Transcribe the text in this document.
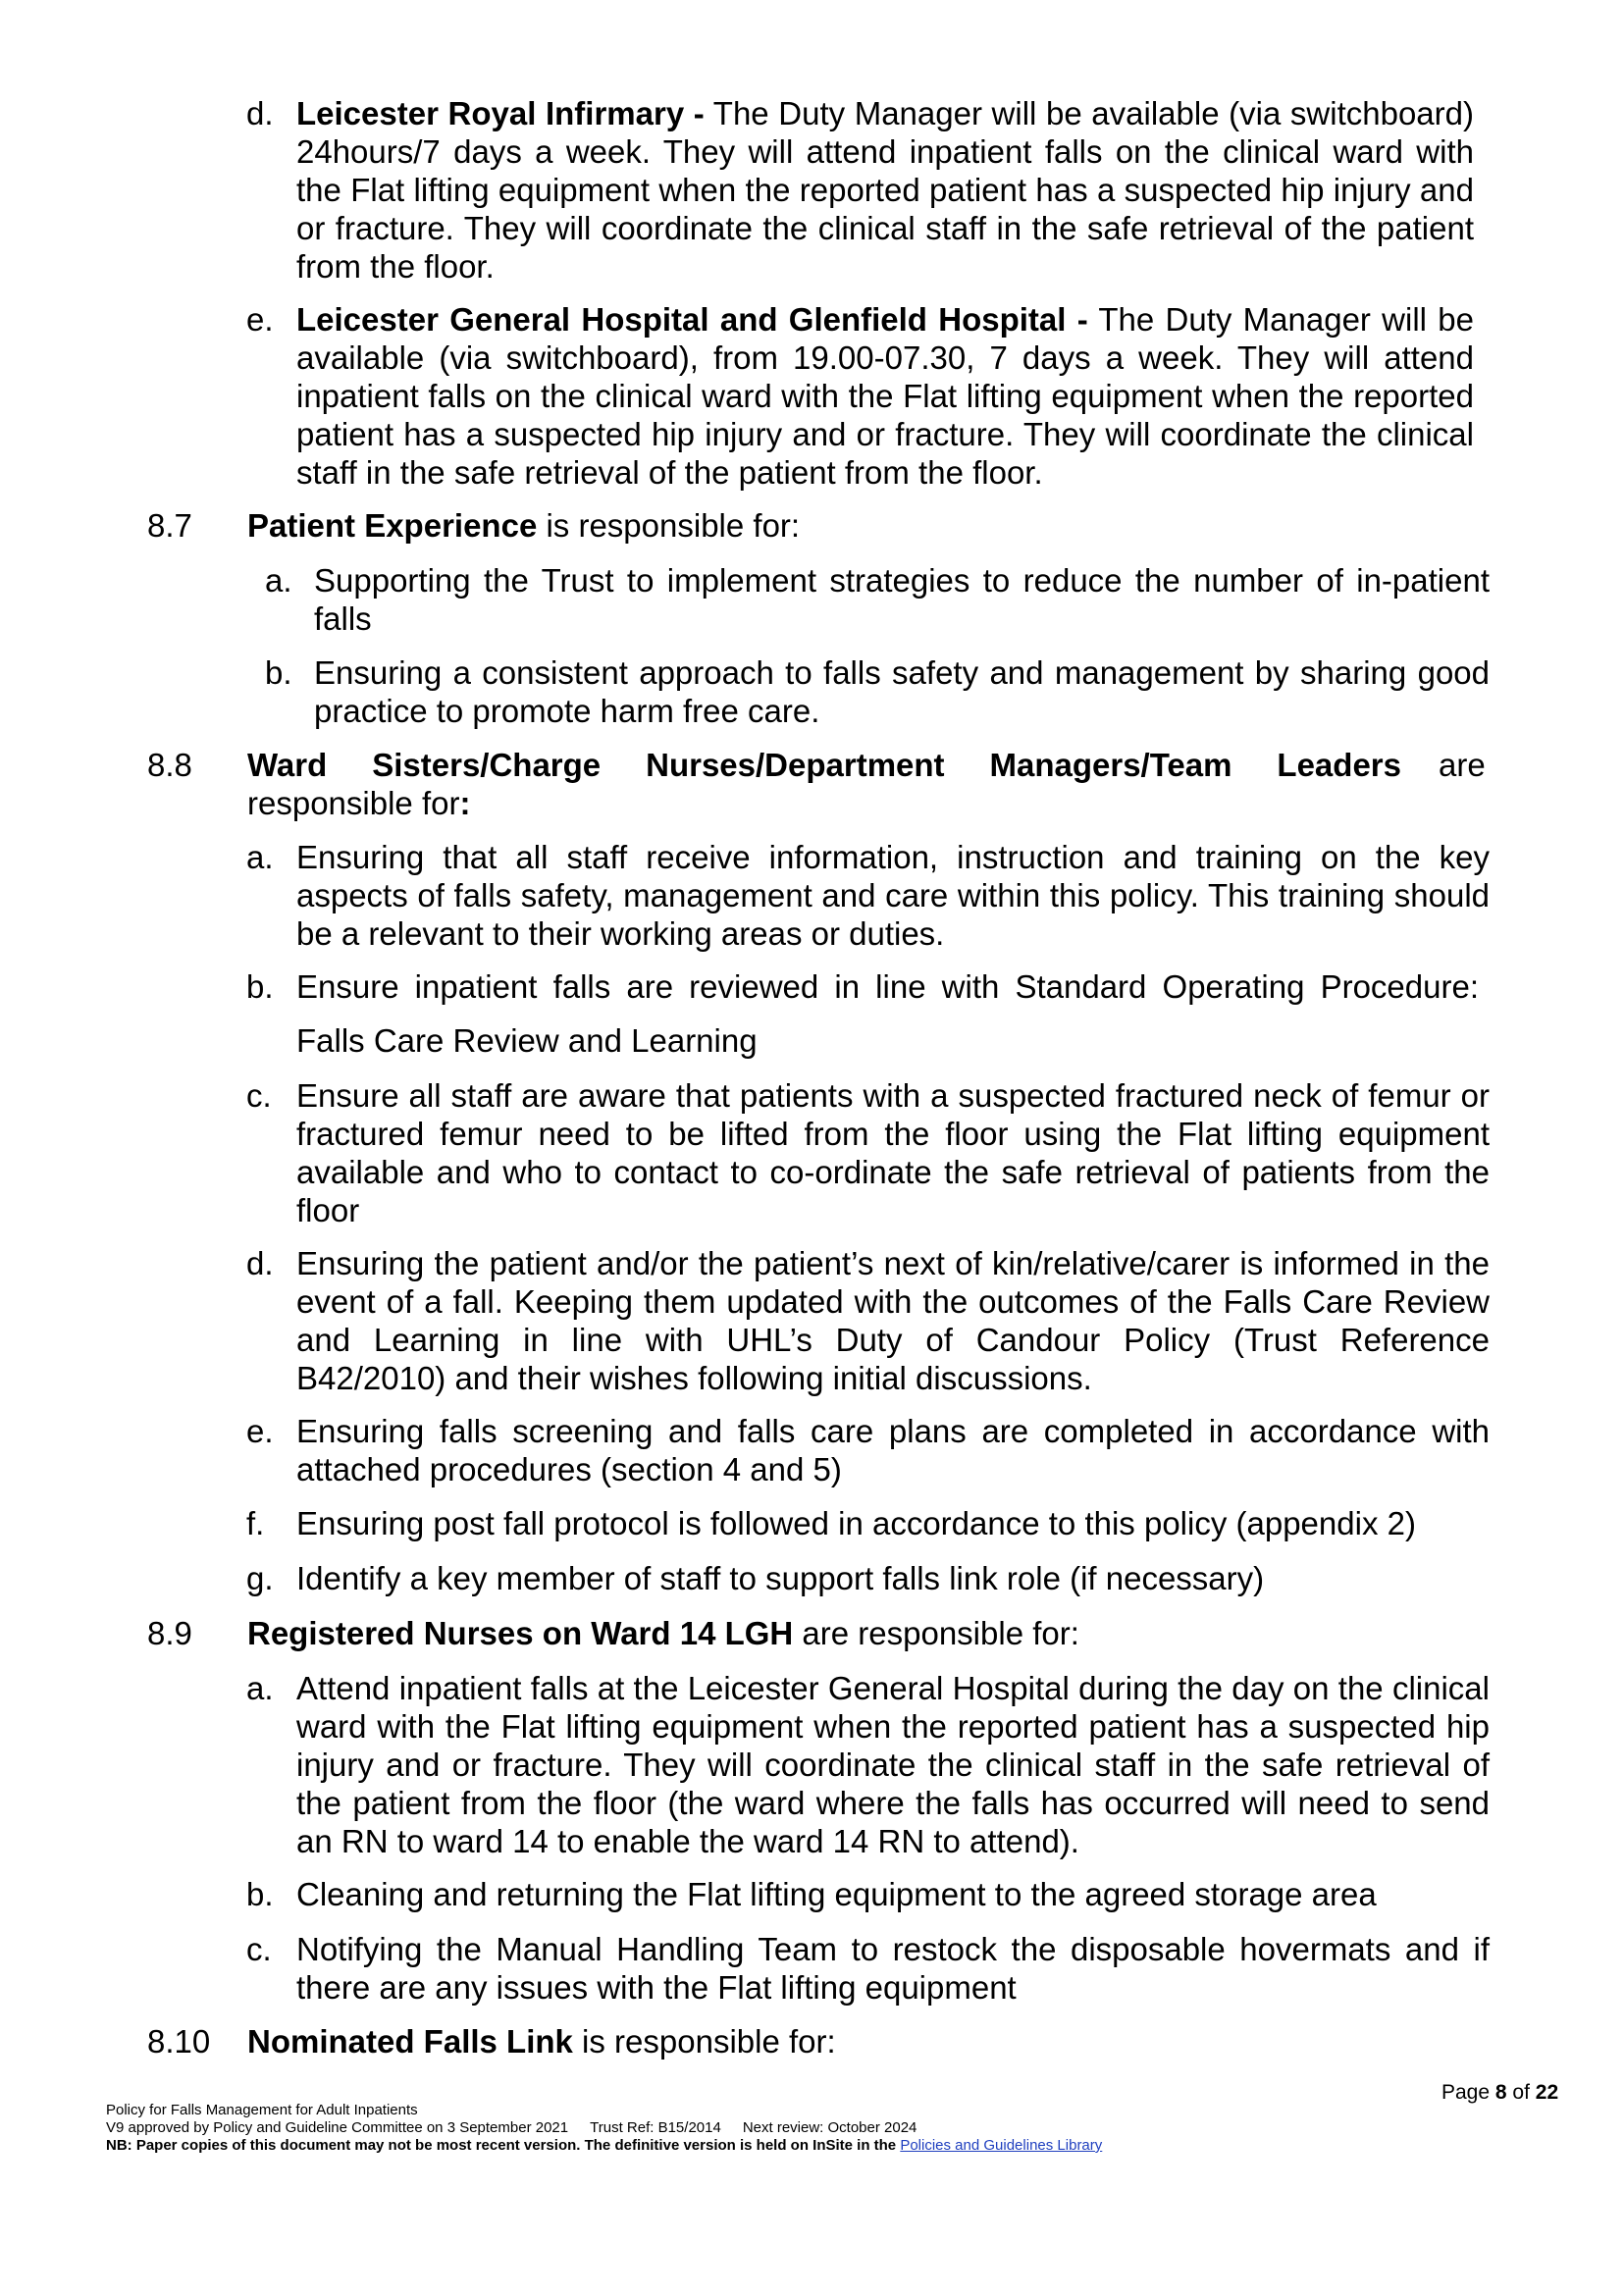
d. Leicester Royal Infirmary - The Duty Manager will be available (via switchboard) 24hours/7 days a week. They will attend inpatient falls on the clinical ward with the Flat lifting equipment when the reported patient has a suspected hip injury and or fracture. They will coordinate the clinical staff in the safe retrieval of the patient from the floor.
e. Leicester General Hospital and Glenfield Hospital - The Duty Manager will be available (via switchboard), from 19.00-07.30, 7 days a week. They will attend inpatient falls on the clinical ward with the Flat lifting equipment when the reported patient has a suspected hip injury and or fracture. They will coordinate the clinical staff in the safe retrieval of the patient from the floor.
8.7 Patient Experience is responsible for:
a. Supporting the Trust to implement strategies to reduce the number of in-patient falls
b. Ensuring a consistent approach to falls safety and management by sharing good practice to promote harm free care.
8.8 Ward Sisters/Charge Nurses/Department Managers/Team Leaders are
responsible for:
a. Ensuring that all staff receive information, instruction and training on the key aspects of falls safety, management and care within this policy. This training should be a relevant to their working areas or duties.
b. Ensure inpatient falls are reviewed in line with Standard Operating Procedure:
Falls Care Review and Learning
c. Ensure all staff are aware that patients with a suspected fractured neck of femur or fractured femur need to be lifted from the floor using the Flat lifting equipment available and who to contact to co-ordinate the safe retrieval of patients from the floor
d. Ensuring the patient and/or the patient’s next of kin/relative/carer is informed in the event of a fall. Keeping them updated with the outcomes of the Falls Care Review and Learning in line with UHL’s Duty of Candour Policy (Trust Reference B42/2010) and their wishes following initial discussions.
e. Ensuring falls screening and falls care plans are completed in accordance with attached procedures (section 4 and 5)
f. Ensuring post fall protocol is followed in accordance to this policy (appendix 2)
g. Identify a key member of staff to support falls link role (if necessary)
8.9 Registered Nurses on Ward 14 LGH are responsible for:
a. Attend inpatient falls at the Leicester General Hospital during the day on the clinical ward with the Flat lifting equipment when the reported patient has a suspected hip injury and or fracture. They will coordinate the clinical staff in the safe retrieval of the patient from the floor (the ward where the falls has occurred will need to send an RN to ward 14 to enable the ward 14 RN to attend).
b. Cleaning and returning the Flat lifting equipment to the agreed storage area
c. Notifying the Manual Handling Team to restock the disposable hovermats and if there are any issues with the Flat lifting equipment
8.10 Nominated Falls Link is responsible for:
Page 8 of 22
Policy for Falls Management for Adult Inpatients
V9 approved by Policy and Guideline Committee on 3 September 2021 Trust Ref: B15/2014 Next review: October 2024
NB: Paper copies of this document may not be most recent version. The definitive version is held on InSite in the Policies and Guidelines Library
